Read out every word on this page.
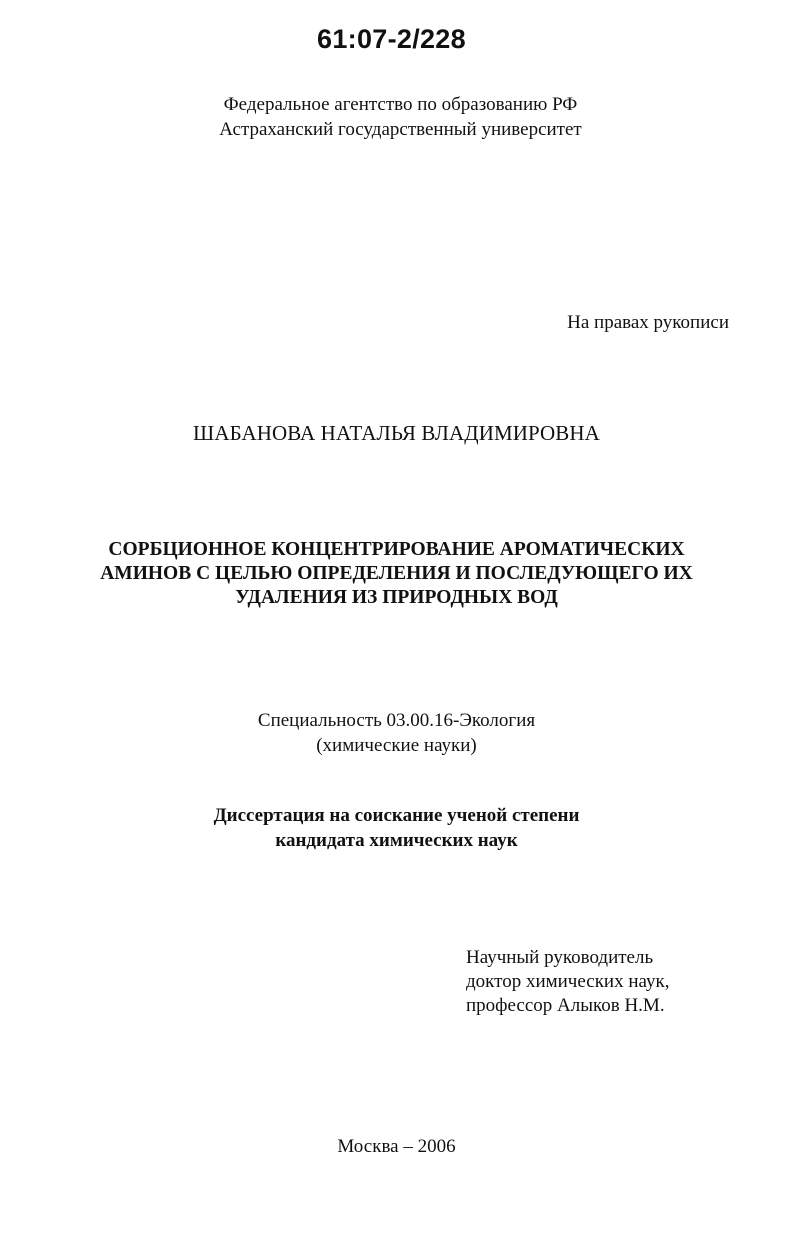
61:07-2/228
Федеральное агентство по образованию РФ
Астраханский государственный университет
На правах рукописи
ШАБАНОВА НАТАЛЬЯ ВЛАДИМИРОВНА
СОРБЦИОННОЕ КОНЦЕНТРИРОВАНИЕ АРОМАТИЧЕСКИХ
АМИНОВ С ЦЕЛЬЮ ОПРЕДЕЛЕНИЯ И ПОСЛЕДУЮЩЕГО ИХ
УДАЛЕНИЯ ИЗ ПРИРОДНЫХ ВОД
Специальность 03.00.16-Экология
(химические науки)
Диссертация на соискание ученой степени
кандидата химических наук
Научный руководитель
доктор химических наук,
профессор Алыков Н.М.
Москва – 2006
